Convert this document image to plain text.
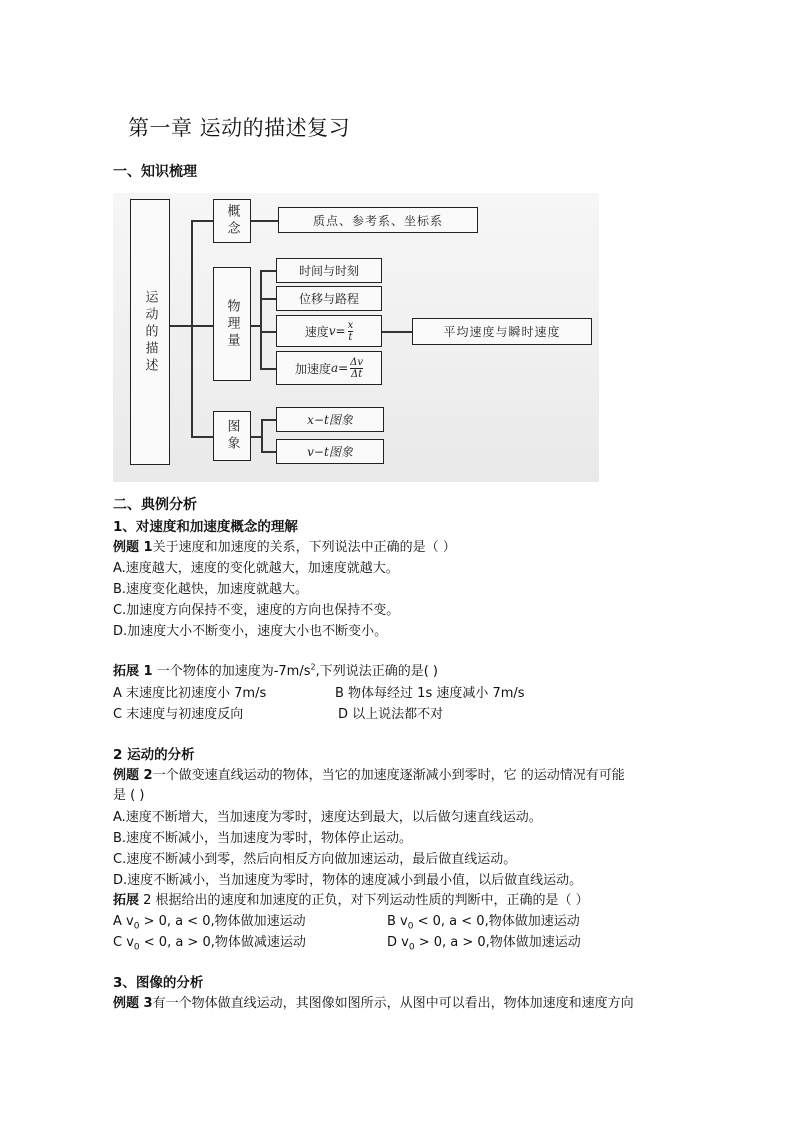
第一章 运动的描述复习
一、知识梳理
运动的描述
概念	质点、参考系、坐标系
物理量
时间与时刻
位移与路程
速度 $v = \frac{x}{t}$	平均速度与瞬时速度
加速度 $a = \frac{\Delta v}{\Delta t}$
图象	x−t图象
v−t图象
二、典例分析
1、对速度和加速度概念的理解
例题 1关于速度和加速度的关系，下列说法中正确的是（ ）
A.速度越大，速度的变化就越大，加速度就越大。
B.速度变化越快，加速度就越大。
C.加速度方向保持不变，速度的方向也保持不变。
D.加速度大小不断变小，速度大小也不断变小。
拓展 1 一个物体的加速度为$-7m/s^2$,下列说法正确的是( )
A 末速度比初速度小 7m/s	B 物体每经过 1s 速度减小 7m/s
C 末速度与初速度反向	D 以上说法都不对
2 运动的分析
例题 2一个做变速直线运动的物体，当它的加速度逐渐减小到零时，它 的运动情况有可能
是 ( )
A.速度不断增大，当加速度为零时，速度达到最大，以后做匀速直线运动。
B.速度不断减小，当加速度为零时，物体停止运动。
C.速度不断减小到零，然后向相反方向做加速运动，最后做直线运动。
D.速度不断减小，当加速度为零时，物体的速度减小到最小值，以后做直线运动。
拓展 2 根据给出的速度和加速度的正负，对下列运动性质的判断中，正确的是（ ）
A $v_0 > 0$, a < 0,物体做加速运动	B $v_0 < 0$, a < 0,物体做加速运动
C $v_0 < 0$, a > 0,物体做减速运动	D $v_0 > 0$, a > 0,物体做加速运动
3、图像的分析
例题 3有一个物体做直线运动，其图像如图所示，从图中可以看出，物体加速度和速度方向
